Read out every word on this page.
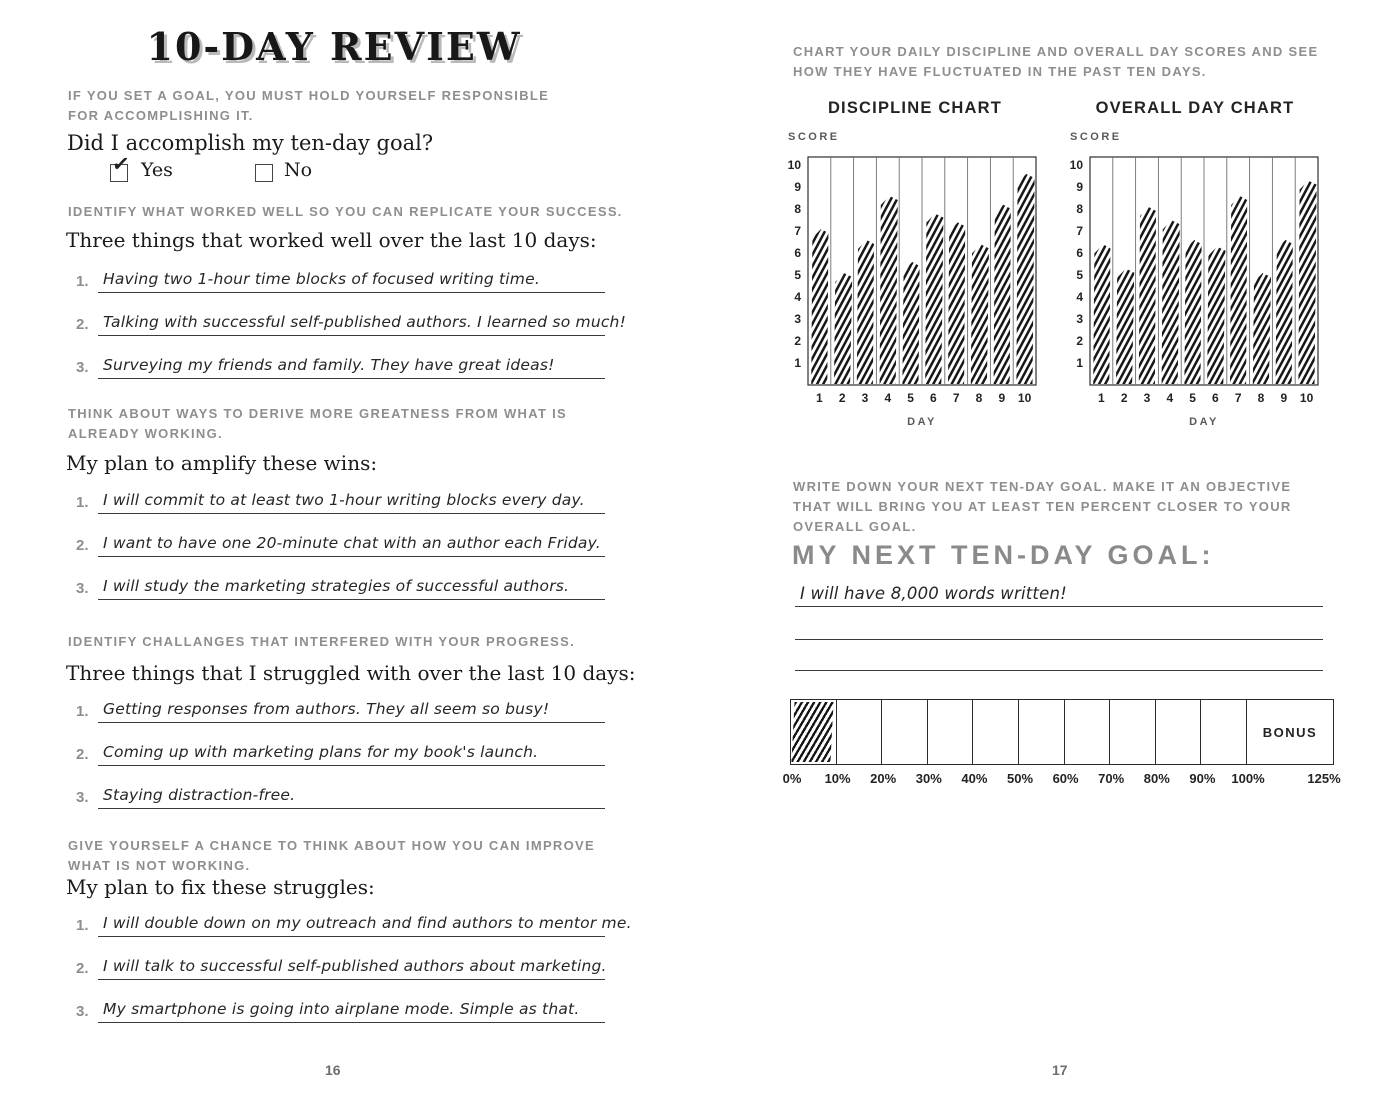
10-DAY REVIEW
IF YOU SET A GOAL, YOU MUST HOLD YOURSELF RESPONSIBLE FOR ACCOMPLISHING IT.
Did I accomplish my ten-day goal?
✓ Yes	No
IDENTIFY WHAT WORKED WELL SO YOU CAN REPLICATE YOUR SUCCESS.
Three things that worked well over the last 10 days:
1. Having two 1-hour time blocks of focused writing time.
2. Talking with successful self-published authors. I learned so much!
3. Surveying my friends and family. They have great ideas!
THINK ABOUT WAYS TO DERIVE MORE GREATNESS FROM WHAT IS ALREADY WORKING.
My plan to amplify these wins:
1. I will commit to at least two 1-hour writing blocks every day.
2. I want to have one 20-minute chat with an author each Friday.
3. I will study the marketing strategies of successful authors.
IDENTIFY CHALLANGES THAT INTERFERED WITH YOUR PROGRESS.
Three things that I struggled with over the last 10 days:
1. Getting responses from authors. They all seem so busy!
2. Coming up with marketing plans for my book's launch.
3. Staying distraction-free.
GIVE YOURSELF A CHANCE TO THINK ABOUT HOW YOU CAN IMPROVE WHAT IS NOT WORKING.
My plan to fix these struggles:
1. I will double down on my outreach and find authors to mentor me.
2. I will talk to successful self-published authors about marketing.
3. My smartphone is going into airplane mode. Simple as that.
16
CHART YOUR DAILY DISCIPLINE AND OVERALL DAY SCORES AND SEE HOW THEY HAVE FLUCTUATED IN THE PAST TEN DAYS.
DISCIPLINE CHART	OVERALL DAY CHART
SCORE
10
9
8
7
6
5
4
3
2
1
1 2 3 4 5 6 7 8 9 10
DAY
SCORE
10
9
8
7
6
5
4
3
2
1
1 2 3 4 5 6 7 8 9 10
DAY
WRITE DOWN YOUR NEXT TEN-DAY GOAL. MAKE IT AN OBJECTIVE THAT WILL BRING YOU AT LEAST TEN PERCENT CLOSER TO YOUR OVERALL GOAL.
MY NEXT TEN-DAY GOAL:
I will have 8,000 words written!
BONUS
0% 10% 20% 30% 40% 50% 60% 70% 80% 90% 100%	125%
17
